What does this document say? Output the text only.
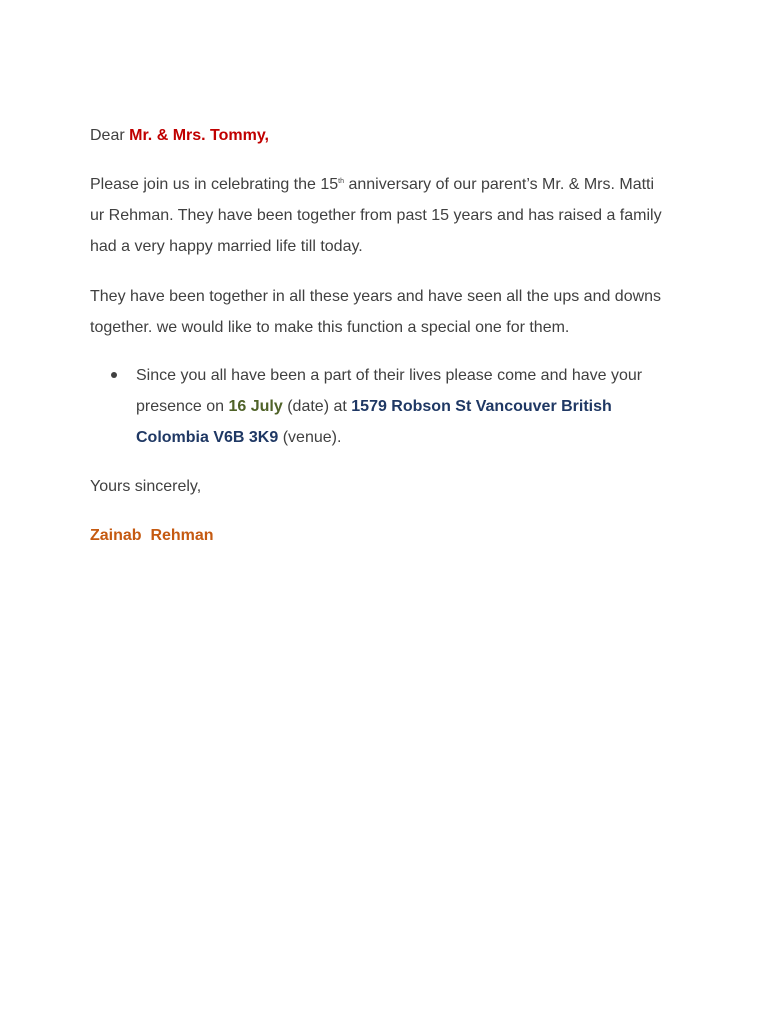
Dear Mr. & Mrs. Tommy,
Please join us in celebrating the 15th anniversary of our parent’s Mr. & Mrs. Matti
ur Rehman. They have been together from past 15 years and has raised a family
had a very happy married life till today.
They have been together in all these years and have seen all the ups and downs
together. we would like to make this function a special one for them.
Since you all have been a part of their lives please come and have your
presence on 16 July (date) at 1579 Robson St Vancouver British
Colombia V6B 3K9 (venue).
Yours sincerely,
Zainab  Rehman
